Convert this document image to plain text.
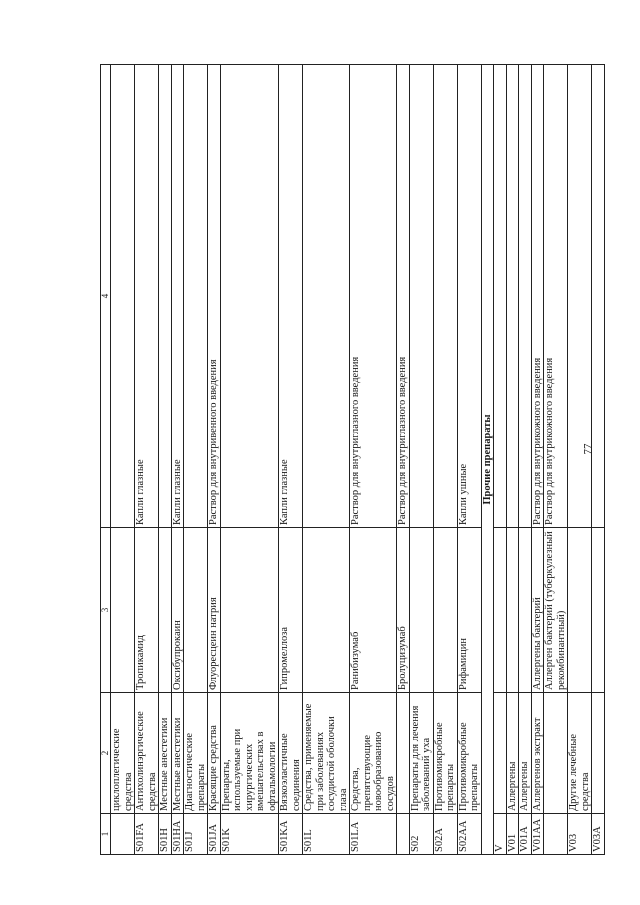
77
1	2	3	4
	циклоплегические средства		
S01FA	Антихолинэргические средства	Тропикамид	Капли глазные
S01H	Местные анестетики		
S01HA	Местные анестетики	Оксибупрокаин	Капли глазные
S01J	Диагностические препараты		
S01JA	Красящие средства	Флуоресцеин натрия	Раствор для внутривенного введения
S01K	Препараты, используемые при хирургических вмешательствах в офтальмологии		
S01KA	Вязкоэластичные соединения	Гипромеллоза	Капли глазные
S01L	Средства, применяемые при заболеваниях сосудистой оболочки глаза		
S01LA	Средства, препятствующие новообразованию сосудов	Ранибизумаб	Раствор для внутриглазного введения
		Бролуцизумаб	Раствор для внутриглазного введения
S02	Препараты для лечения заболеваний уха		
S02A	Противомикробные препараты		
S02AA	Противомикробные препараты	Рифамицин	Капли ушные
Прочие препараты			
V			
V01	Аллергены		
V01A	Аллергены		
V01AA	Аллергенов экстракт	Аллергены бактерий	Раствор для внутрикожного введения
		Аллерген бактерий (туберкулезный рекомбинантный)	Раствор для внутрикожного введения
V03	Другие лечебные средства		
V03A			
